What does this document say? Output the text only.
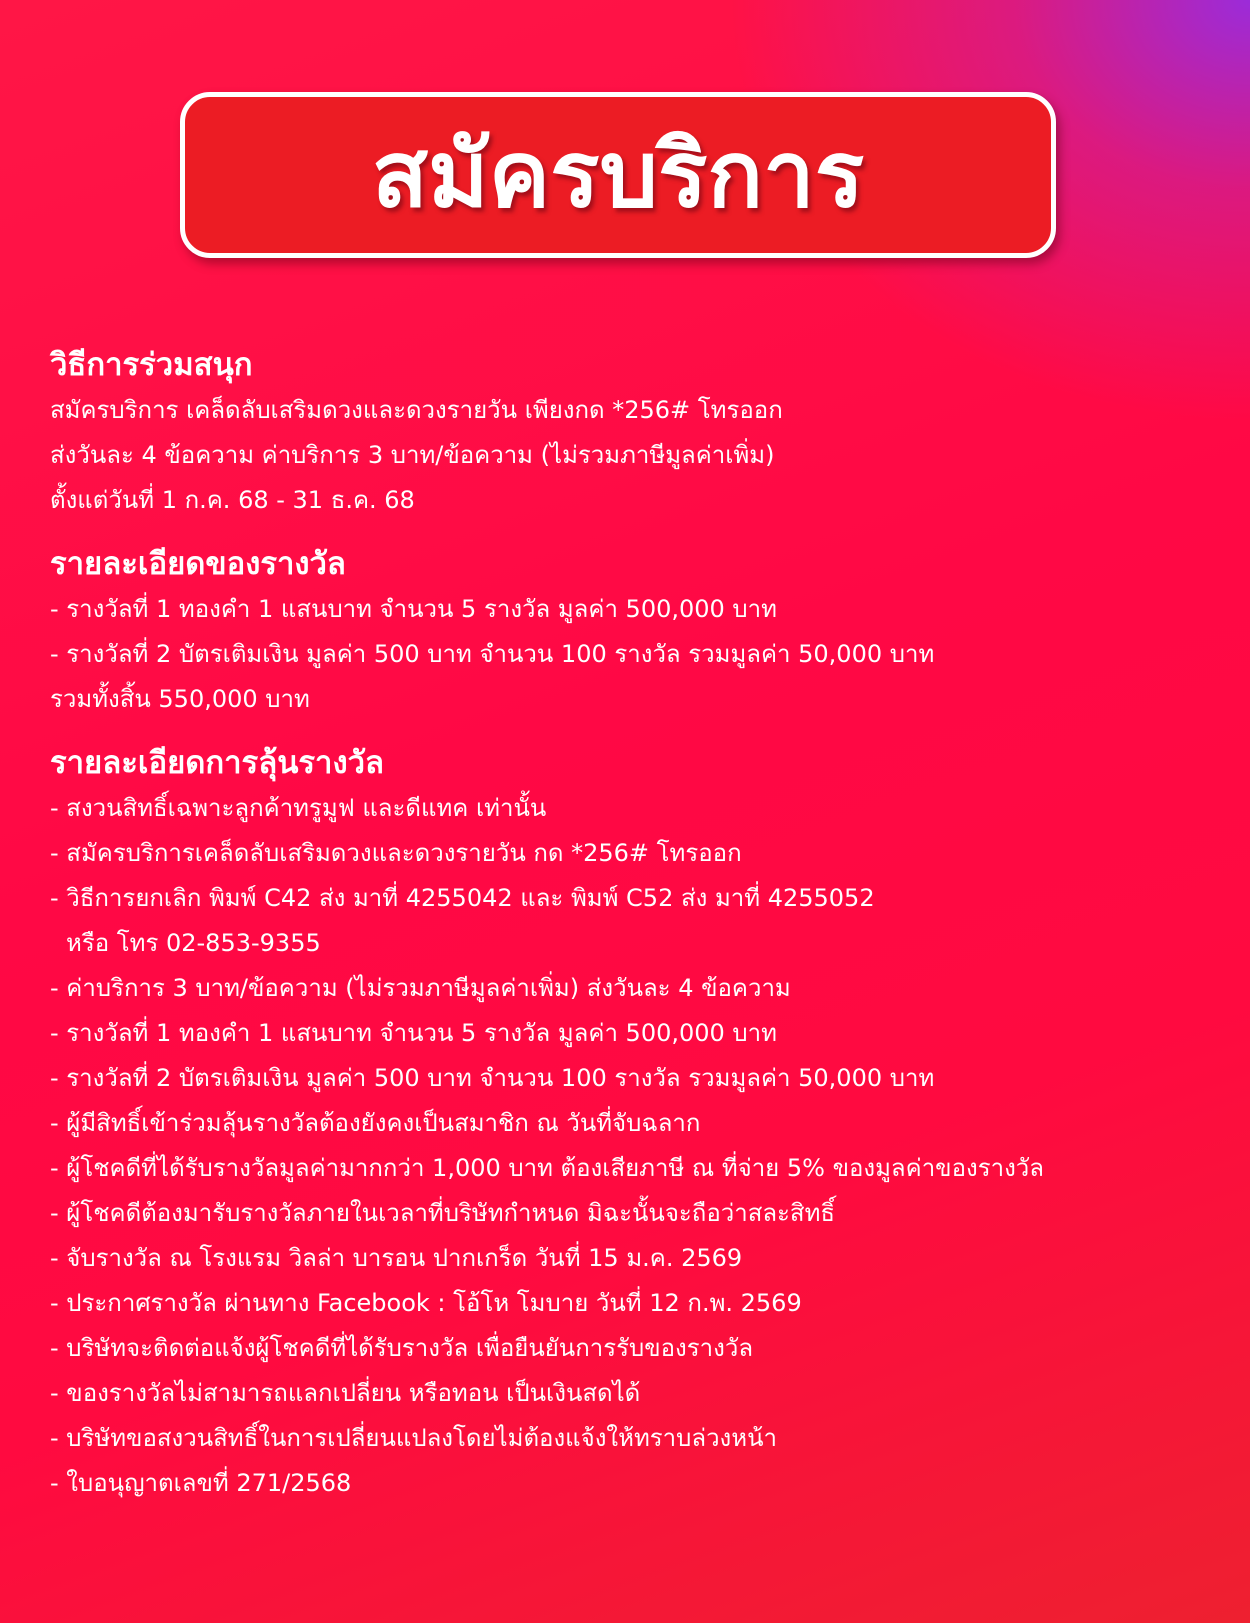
สมัครบริการ
วิธีการร่วมสนุก
สมัครบริการ เคล็ดลับเสริมดวงและดวงรายวัน เพียงกด *256# โทรออก
ส่งวันละ 4 ข้อความ ค่าบริการ 3 บาท/ข้อความ (ไม่รวมภาษีมูลค่าเพิ่ม)
ตั้งแต่วันที่ 1 ก.ค. 68 - 31 ธ.ค. 68
รายละเอียดของรางวัล
- รางวัลที่ 1 ทองคำ 1 แสนบาท จำนวน 5 รางวัล มูลค่า 500,000 บาท
- รางวัลที่ 2 บัตรเติมเงิน มูลค่า 500 บาท จำนวน 100 รางวัล รวมมูลค่า 50,000 บาท
รวมทั้งสิ้น 550,000 บาท
รายละเอียดการลุ้นรางวัล
- สงวนสิทธิ์เฉพาะลูกค้าทรูมูฟ และดีแทค เท่านั้น
- สมัครบริการเคล็ดลับเสริมดวงและดวงรายวัน กด *256# โทรออก
- วิธีการยกเลิก พิมพ์ C42 ส่ง มาที่ 4255042 และ พิมพ์ C52 ส่ง มาที่ 4255052
หรือ โทร 02-853-9355
- ค่าบริการ 3 บาท/ข้อความ (ไม่รวมภาษีมูลค่าเพิ่ม) ส่งวันละ 4 ข้อความ
- รางวัลที่ 1 ทองคำ 1 แสนบาท จำนวน 5 รางวัล มูลค่า 500,000 บาท
- รางวัลที่ 2 บัตรเติมเงิน มูลค่า 500 บาท จำนวน 100 รางวัล รวมมูลค่า 50,000 บาท
- ผู้มีสิทธิ์เข้าร่วมลุ้นรางวัลต้องยังคงเป็นสมาชิก ณ วันที่จับฉลาก
- ผู้โชคดีที่ได้รับรางวัลมูลค่ามากกว่า 1,000 บาท ต้องเสียภาษี ณ ที่จ่าย 5% ของมูลค่าของรางวัล
- ผู้โชคดีต้องมารับรางวัลภายในเวลาที่บริษัทกำหนด มิฉะนั้นจะถือว่าสละสิทธิ์
- จับรางวัล ณ โรงแรม วิลล่า บารอน ปากเกร็ด วันที่ 15 ม.ค. 2569
- ประกาศรางวัล ผ่านทาง Facebook : โอ้โห โมบาย วันที่ 12 ก.พ. 2569
- บริษัทจะติดต่อแจ้งผู้โชคดีที่ได้รับรางวัล เพื่อยืนยันการรับของรางวัล
- ของรางวัลไม่สามารถแลกเปลี่ยน หรือทอน เป็นเงินสดได้
- บริษัทขอสงวนสิทธิ์ในการเปลี่ยนแปลงโดยไม่ต้องแจ้งให้ทราบล่วงหน้า
- ใบอนุญาตเลขที่ 271/2568
